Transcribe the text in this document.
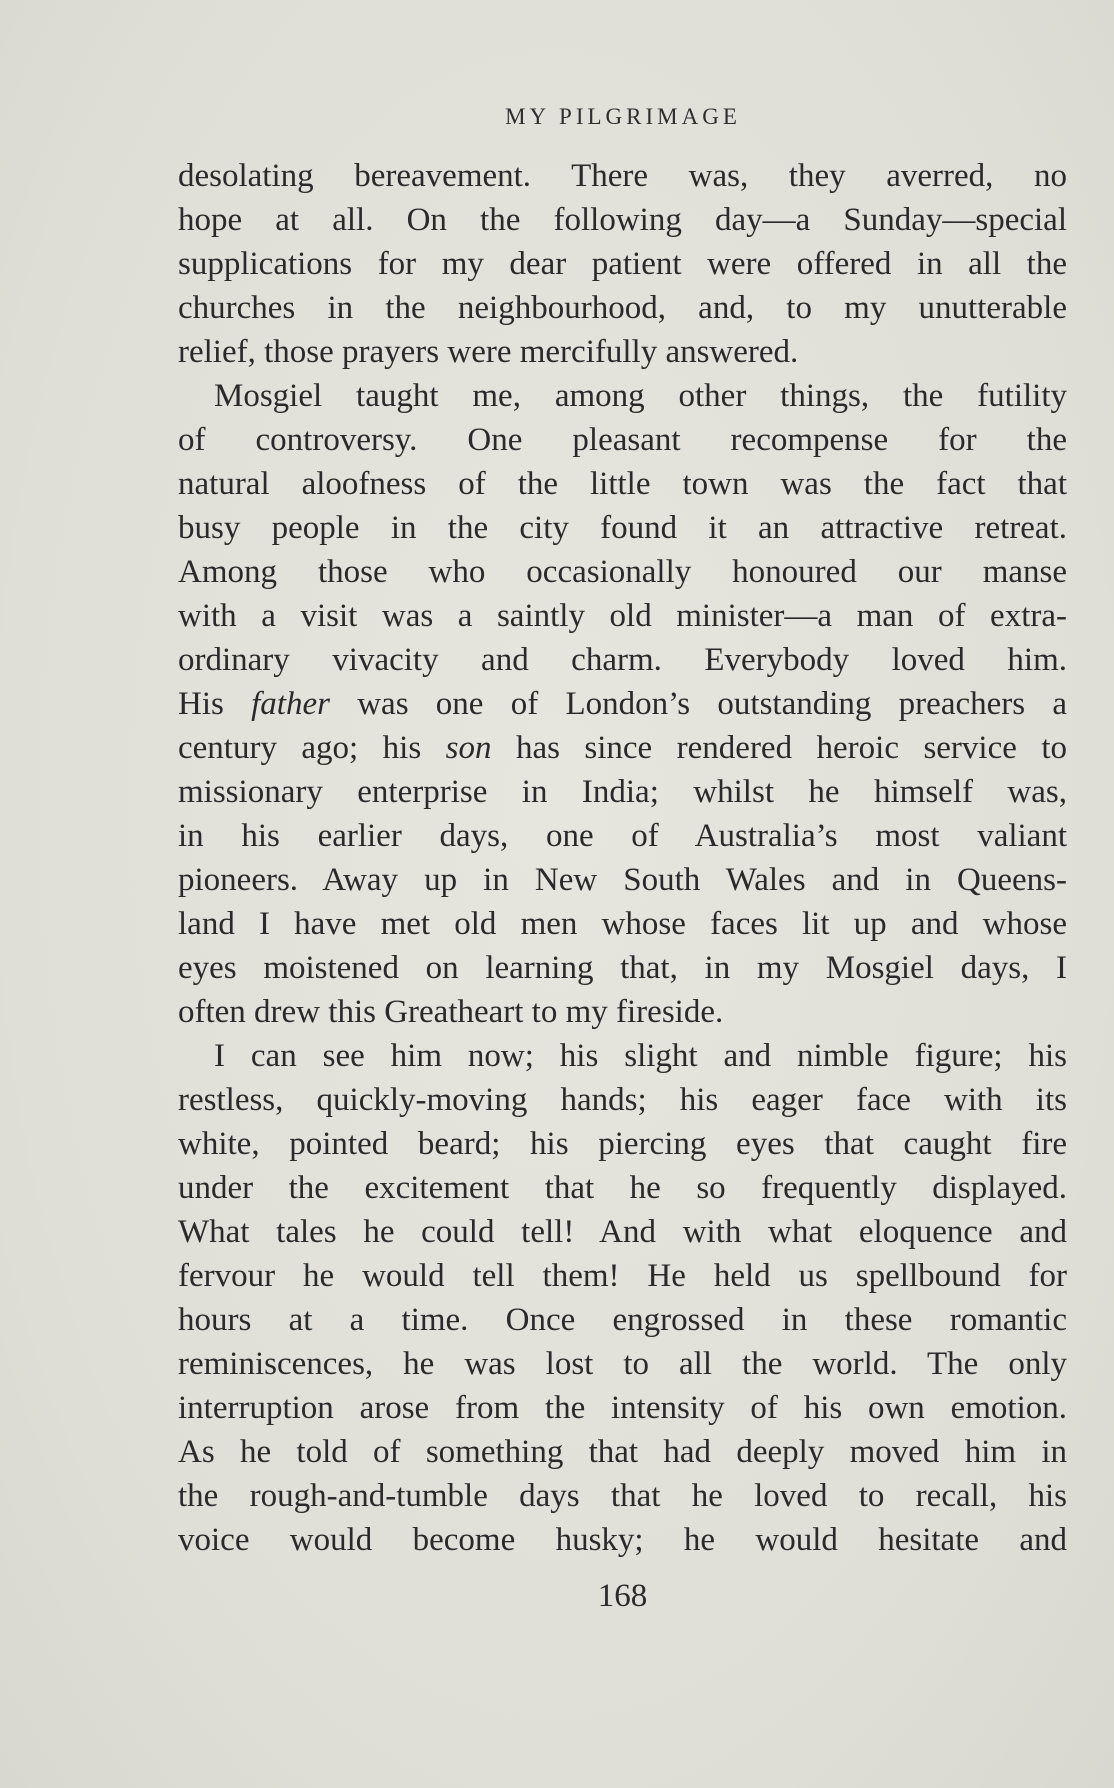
MY PILGRIMAGE
desolating bereavement. There was, they averred, no
hope at all. On the following day—a Sunday—special
supplications for my dear patient were offered in all the
churches in the neighbourhood, and, to my unutterable
relief, those prayers were mercifully answered.
Mosgiel taught me, among other things, the futility
of controversy. One pleasant recompense for the
natural aloofness of the little town was the fact that
busy people in the city found it an attractive retreat.
Among those who occasionally honoured our manse
with a visit was a saintly old minister—a man of extra-
ordinary vivacity and charm. Everybody loved him.
His father was one of London’s outstanding preachers a
century ago; his son has since rendered heroic service to
missionary enterprise in India; whilst he himself was,
in his earlier days, one of Australia’s most valiant
pioneers. Away up in New South Wales and in Queens-
land I have met old men whose faces lit up and whose
eyes moistened on learning that, in my Mosgiel days, I
often drew this Greatheart to my fireside.
I can see him now; his slight and nimble figure; his
restless, quickly-moving hands; his eager face with its
white, pointed beard; his piercing eyes that caught fire
under the excitement that he so frequently displayed.
What tales he could tell! And with what eloquence and
fervour he would tell them! He held us spellbound for
hours at a time. Once engrossed in these romantic
reminiscences, he was lost to all the world. The only
interruption arose from the intensity of his own emotion.
As he told of something that had deeply moved him in
the rough-and-tumble days that he loved to recall, his
voice would become husky; he would hesitate and
168
